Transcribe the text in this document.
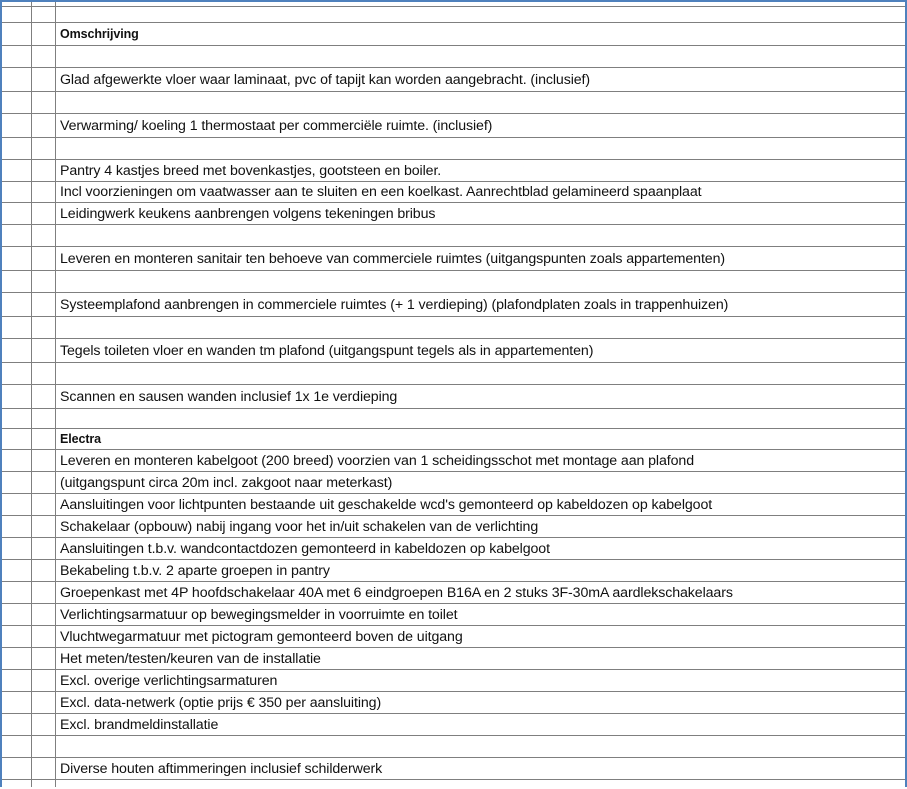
Omschrijving
Glad afgewerkte vloer waar laminaat, pvc of tapijt kan worden aangebracht. (inclusief)
Verwarming/ koeling 1 thermostaat per commerciële ruimte. (inclusief)
Pantry 4 kastjes breed met bovenkastjes, gootsteen en boiler.
Incl voorzieningen om vaatwasser aan te sluiten en een koelkast. Aanrechtblad gelamineerd spaanplaat
Leidingwerk keukens aanbrengen volgens tekeningen bribus
Leveren en monteren sanitair ten behoeve van commerciele ruimtes (uitgangspunten zoals appartementen)
Systeemplafond aanbrengen in commerciele ruimtes (+ 1 verdieping) (plafondplaten zoals in trappenhuizen)
Tegels toileten vloer en wanden tm plafond (uitgangspunt tegels als in appartementen)
Scannen en sausen wanden inclusief 1x 1e verdieping
Electra
Leveren en monteren kabelgoot (200 breed) voorzien van 1 scheidingsschot met montage aan plafond
(uitgangspunt circa 20m incl. zakgoot naar meterkast)
Aansluitingen voor lichtpunten bestaande uit geschakelde wcd's gemonteerd op kabeldozen op kabelgoot
Schakelaar (opbouw) nabij ingang voor het in/uit schakelen van de verlichting
Aansluitingen t.b.v. wandcontactdozen gemonteerd in kabeldozen op kabelgoot
Bekabeling t.b.v. 2 aparte groepen in pantry
Groepenkast met 4P hoofdschakelaar 40A met 6 eindgroepen B16A en 2 stuks 3F-30mA aardlekschakelaars
Verlichtingsarmatuur op bewegingsmelder in voorruimte en toilet
Vluchtwegarmatuur met pictogram gemonteerd boven de uitgang
Het meten/testen/keuren van de installatie
Excl. overige verlichtingsarmaturen
Excl. data-netwerk (optie prijs € 350 per aansluiting)
Excl. brandmeldinstallatie
Diverse houten aftimmeringen inclusief schilderwerk
